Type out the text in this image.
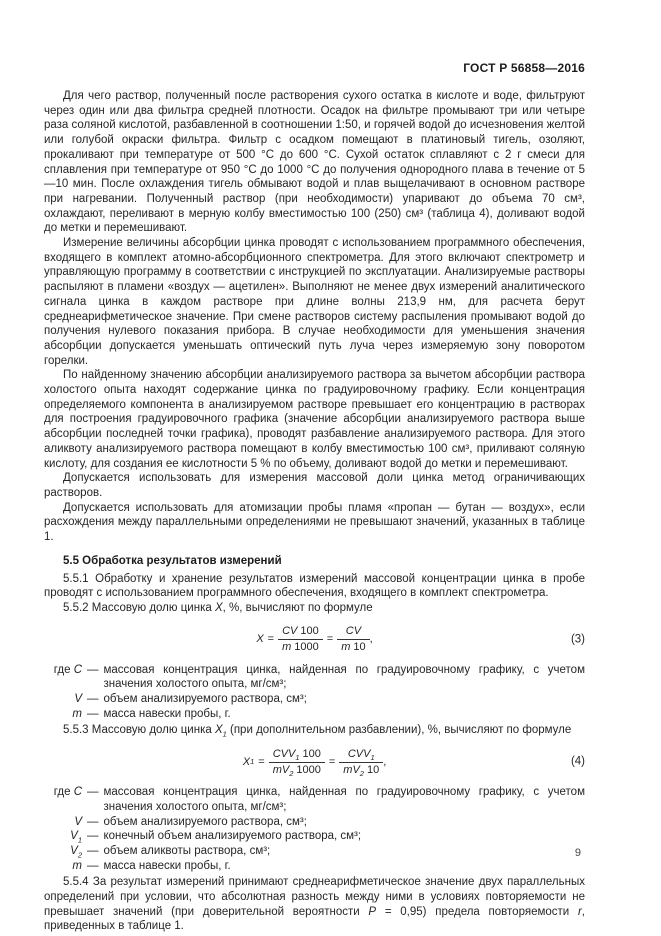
ГОСТ Р 56858—2016

Для чего раствор, полученный после растворения сухого остатка в кислоте и воде, фильтруют через один или два фильтра средней плотности. Осадок на фильтре промывают три или четыре раза соляной кислотой, разбавленной в соотношении 1:50, и горячей водой до исчезновения желтой или голубой окраски фильтра. Фильтр с осадком помещают в платиновый тигель, озоляют, прокаливают при температуре от 500 °С до 600 °С. Сухой остаток сплавляют с 2 г смеси для сплавления при температуре от 950 °С до 1000 °С до получения однородного плава в течение от 5—10 мин. После охлаждения тигель обмывают водой и плав выщелачивают в основном растворе при нагревании. Полученный раствор (при необходимости) упаривают до объема 70 см³, охлаждают, переливают в мерную колбу вместимостью 100 (250) см³ (таблица 4), доливают водой до метки и перемешивают.

Измерение величины абсорбции цинка проводят с использованием программного обеспечения, входящего в комплект атомно-абсорбционного спектрометра. Для этого включают спектрометр и управляющую программу в соответствии с инструкцией по эксплуатации. Анализируемые растворы распыляют в пламени «воздух — ацетилен». Выполняют не менее двух измерений аналитического сигнала цинка в каждом растворе при длине волны 213,9 нм, для расчета берут среднеарифметическое значение. При смене растворов систему распыления промывают водой до получения нулевого показания прибора. В случае необходимости для уменьшения значения абсорбции допускается уменьшать оптический путь луча через измеряемую зону поворотом горелки.

По найденному значению абсорбции анализируемого раствора за вычетом абсорбции раствора холостого опыта находят содержание цинка по градуировочному графику. Если концентрация определяемого компонента в анализируемом растворе превышает его концентрацию в растворах для построения градуировочного графика (значение абсорбции анализируемого раствора выше абсорбции последней точки графика), проводят разбавление анализируемого раствора. Для этого аликвоту анализируемого раствора помещают в колбу вместимостью 100 см³, приливают соляную кислоту, для создания ее кислотности 5 % по объему, доливают водой до метки и перемешивают.

Допускается использовать для измерения массовой доли цинка метод ограничивающих растворов.

Допускается использовать для атомизации пробы пламя «пропан — бутан — воздух», если расхождения между параллельными определениями не превышают значений, указанных в таблице 1.

5.5 Обработка результатов измерений

5.5.1 Обработку и хранение результатов измерений массовой концентрации цинка в пробе проводят с использованием программного обеспечения, входящего в комплект спектрометра.

5.5.2 Массовую долю цинка X, %, вычисляют по формуле

$X = \frac{CV 100}{m 1000} = \frac{CV}{m 10}$ ,	(3)
где C — массовая концентрация цинка, найденная по градуировочному графику, с учетом значения холостого опыта, мг/см³;
V — объем анализируемого раствора, см³;
m — масса навески пробы, г.

5.5.3 Массовую долю цинка $X_1$ (при дополнительном разбавлении), %, вычисляют по формуле

X $1 = \frac{CVV_1 100}{mV_2 1000} = \frac{CVV_1}{mV_2 10}$ ,	(4)
где C — массовая концентрация цинка, найденная по градуировочному графику, с учетом значения холостого опыта, мг/см³;
V — объем анализируемого раствора, см³;
$V_1$ — конечный объем анализируемого раствора, см³;
$V_2$ — объем аликвоты раствора, см³;
m — масса навески пробы, г.

5.5.4 За результат измерений принимают среднеарифметическое значение двух параллельных определений при условии, что абсолютная разность между ними в условиях повторяемости не превышает значений (при доверительной вероятности P = 0,95) предела повторяемости r, приведенных в таблице 1.

9
